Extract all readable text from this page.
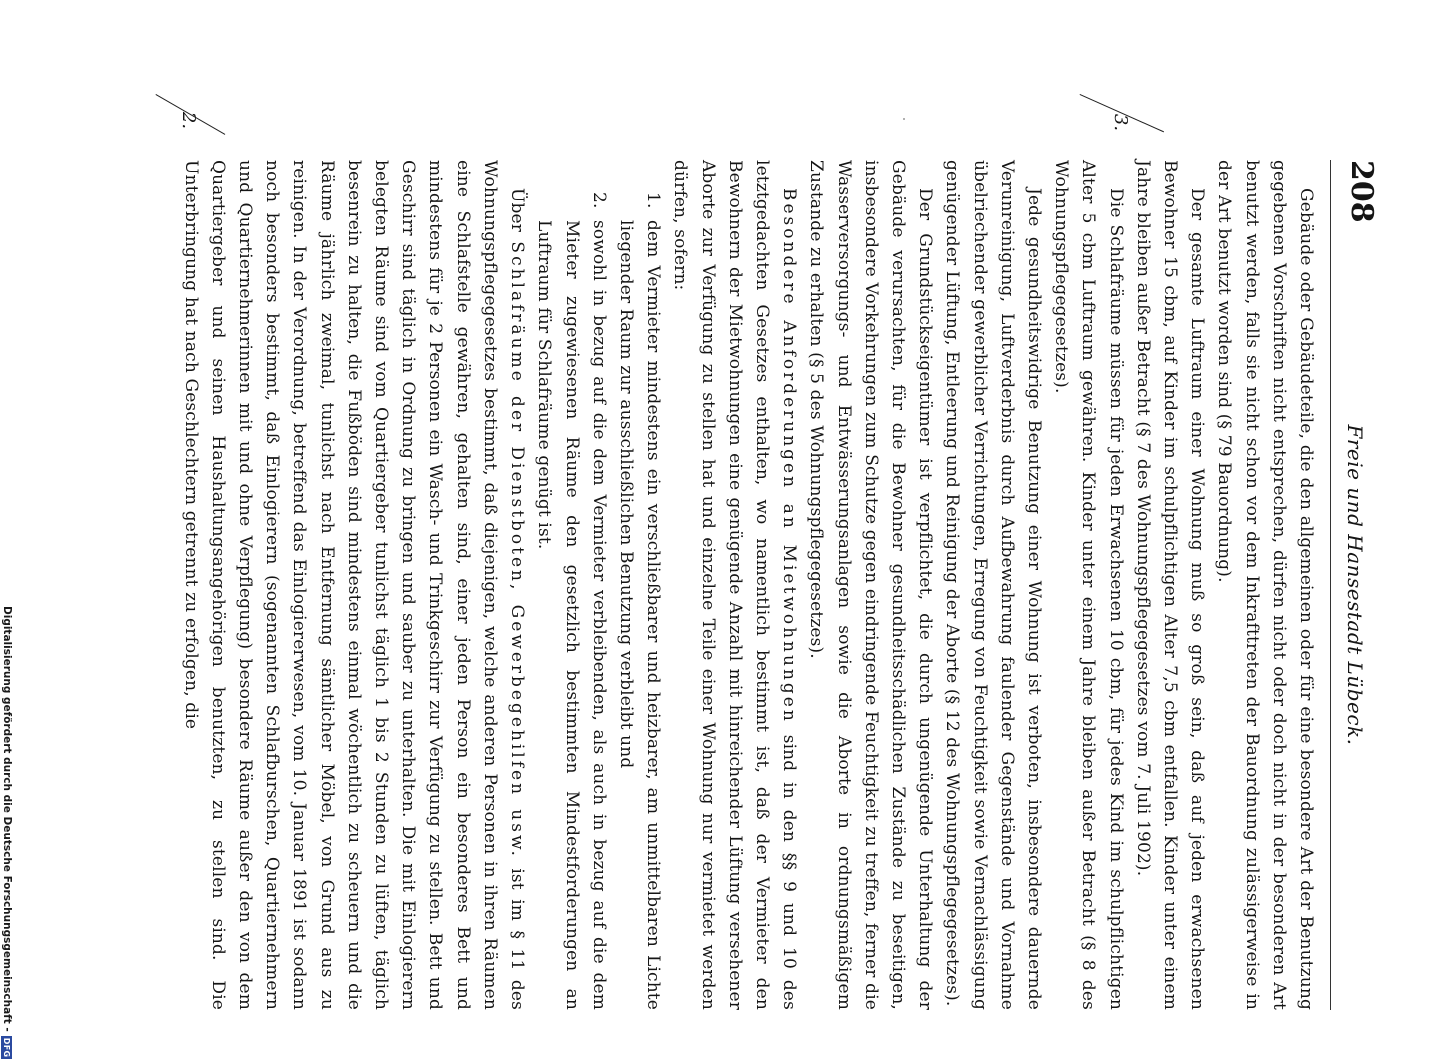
Digitalisierung gefördert durch die Deutsche Forschungsgemeinschaft -
DFG
3.
2.
208
Freie und Hansestadt Lübeck.

Gebäude oder Gebäudeteile, die den allgemeinen oder für eine besondere Art der Benutzung gegebenen Vorschriften nicht entsprechen, dürfen nicht oder doch nicht in der besonderen Art benutzt werden, falls sie nicht schon vor dem Inkrafttreten der Bauordnung zulässigerweise in der Art benutzt worden sind (§ 79 Bauordnung).

Der gesamte Luftraum einer Wohnung muß so groß sein, daß auf jeden erwachsenen Bewohner 15 cbm, auf Kinder im schulpflichtigen Alter 7,5 cbm entfallen. Kinder unter einem Jahre bleiben außer Betracht (§ 7 des Wohnungspflegegesetzes vom 7. Juli 1902).

Die Schlafräume müssen für jeden Erwachsenen 10 cbm, für jedes Kind im schulpflichtigen Alter 5 cbm Luftraum gewähren. Kinder unter einem Jahre bleiben außer Betracht (§ 8 des Wohnungspflegegesetzes).

Jede gesundheitswidrige Benutzung einer Wohnung ist verboten, insbesondere dauernde Verunreinigung, Luftverderbnis durch Aufbewahrung faulender Gegenstände und Vornahme übelriechender gewerblicher Verrichtungen, Erregung von Feuchtigkeit sowie Vernachlässigung genügender Lüftung, Entleerung und Reinigung der Aborte (§ 12 des Wohnungspflegegesetzes).

Der Grundstückseigentümer ist verpflichtet, die durch ungenügende Unterhaltung der Gebäude verursachten, für die Bewohner gesundheitsschädlichen Zustände zu beseitigen, insbesondere Vorkehrungen zum Schutze gegen eindringende Feuchtigkeit zu treffen, ferner die Wasserversorgungs- und Entwässerungsanlagen sowie die Aborte in ordnungsmäßigem Zustande zu erhalten (§ 5 des Wohnungspflegegesetzes).

Besondere Anforderungen an Mietwohnungen sind in den §§ 9 und 10 des letztgedachten Gesetzes enthalten, wo namentlich bestimmt ist, daß der Vermieter den Bewohnern der Mietwohnungen eine genügende Anzahl mit hinreichender Lüftung versehener Aborte zur Verfügung zu stellen hat und einzelne Teile einer Wohnung nur vermietet werden dürfen, sofern:

1.dem Vermieter mindestens ein verschließbarer und heizbarer, am unmittelbaren Lichte liegender Raum zur ausschließlichen Benutzung verbleibt und

2.sowohl in bezug auf die dem Vermieter verbleibenden, als auch in bezug auf die dem Mieter zugewiesenen Räume den gesetzlich bestimmten Mindestforderungen an Luftraum für Schlafräume genügt ist.

Über Schlafräume der Dienstboten, Gewerbegehilfen usw. ist im § 11 des Wohnungspflegegesetzes bestimmt, daß diejenigen, welche anderen Personen in ihren Räumen eine Schlafstelle gewähren, gehalten sind, einer jeden Person ein besonderes Bett und mindestens für je 2 Personen ein Wasch- und Trinkgeschirr zur Verfügung zu stellen. Bett und Geschirr sind täglich in Ordnung zu bringen und sauber zu unterhalten. Die mit Einlogierern belegten Räume sind vom Quartiergeber tunlichst täglich 1 bis 2 Stunden zu lüften, täglich besenrein zu halten, die Fußböden sind mindestens einmal wöchentlich zu scheuern und die Räume jährlich zweimal, tunlichst nach Entfernung sämtlicher Möbel, von Grund aus zu reinigen. In der Verordnung, betreffend das Einlogiererwesen, vom 10. Januar 1891 ist sodann noch besonders bestimmt, daß Einlogierern (sogenannten Schlafburschen, Quartiernehmern und Quartiernehmerinnen mit und ohne Verpflegung) besondere Räume außer den von dem Quartiergeber und seinen Haushaltungsangehörigen benutzten, zu stellen sind. Die Unterbringung hat nach Geschlechtern getrennt zu erfolgen, die
